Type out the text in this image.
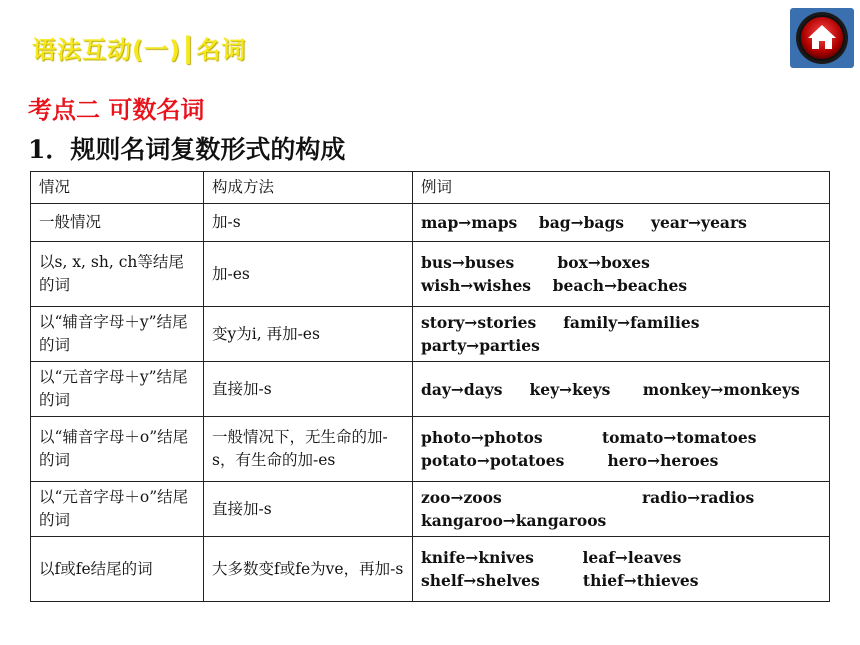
语法互动(一)┃名词
考点二 可数名词
1．规则名词复数形式的构成
情况	构成方法	例词
一般情况	加-s	map→maps    bag→bags     year→years

以s, x, sh, ch等结尾的词	加-es	bus→buses        box→boxes
wish→wishes    beach→beaches

以“辅音字母＋y”结尾的词	变y为i, 再加-es	story→stories     family→families
party→parties

以“元音字母＋y”结尾的词	直接加-s	day→days     key→keys      monkey→monkeys

以“辅音字母＋o”结尾的词	一般情况下，无生命的加-s，有生命的加-es	photo→photos           tomato→tomatoes
potato→potatoes        hero→heroes

以“元音字母＋o”结尾的词	直接加-s	zoo→zoos                          radio→radios
kangaroo→kangaroos

以f或fe结尾的词	大多数变f或fe为ve，再加-s	knife→knives         leaf→leaves
shelf→shelves        thief→thieves
